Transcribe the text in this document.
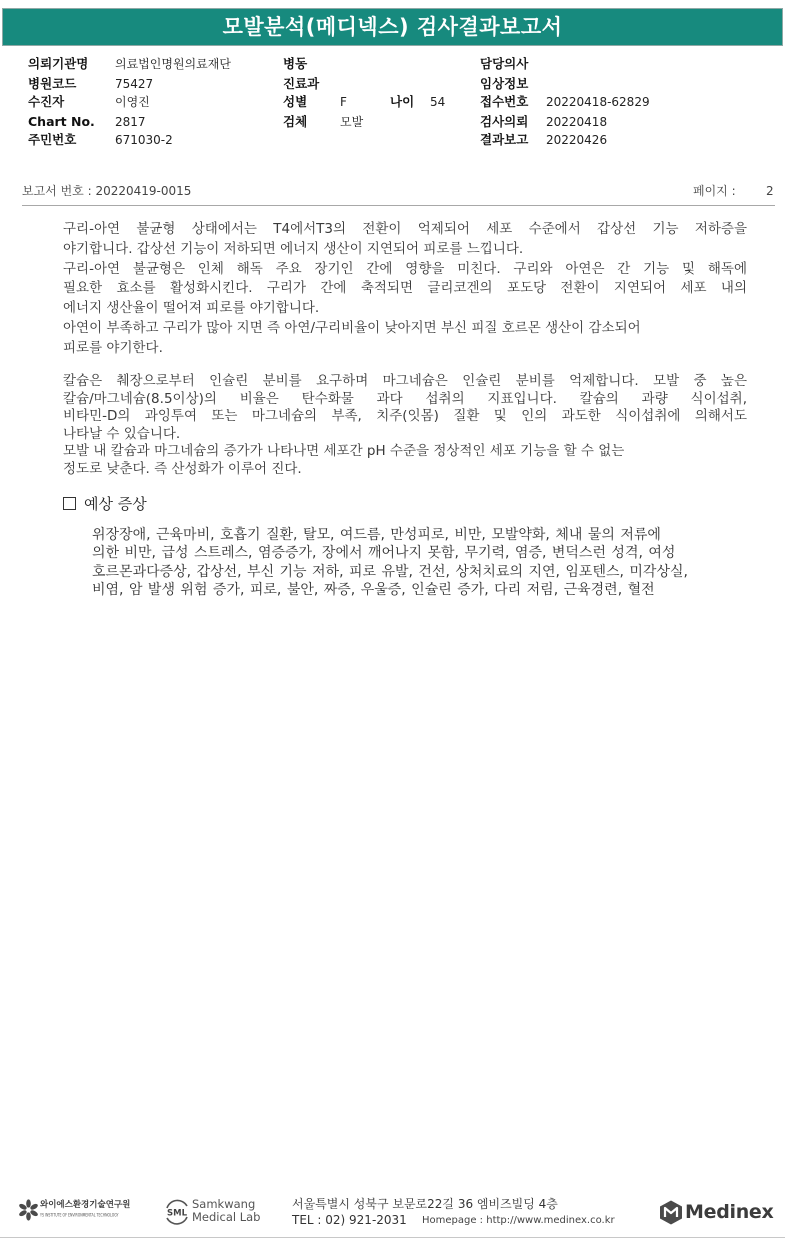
모발분석(메디넥스) 검사결과보고서
의뢰기관명 의료법인명원의료재단	병동	담당의사
병원코드	75427	진료과	임상정보
수진자	이영진	성별	F	나이 54	접수번호 20220418-62829
Chart No. 2817	검체	모발	검사의뢰 20220418
주민번호	671030-2	결과보고 20220426
보고서 번호 : 20220419-0015	페이지 :	2
구리-아연 불균형 상태에서는 T4에서T3의 전환이 억제되어 세포 수준에서 갑상선 기능 저하증을
야기합니다. 갑상선 기능이 저하되면 에너지 생산이 지연되어 피로를 느낍니다.
구리-아연 불균형은 인체 해독 주요 장기인 간에 영향을 미친다. 구리와 아연은 간 기능 및 해독에
필요한 효소를 활성화시킨다. 구리가 간에 축적되면 글리코겐의 포도당 전환이 지연되어 세포 내의
에너지 생산율이 떨어져 피로를 야기합니다.
아연이 부족하고 구리가 많아 지면 즉 아연/구리비율이 낮아지면 부신 피질 호르몬 생산이 감소되어
피로를 야기한다.
칼슘은 췌장으로부터 인슐린 분비를 요구하며 마그네슘은 인슐린 분비를 억제합니다. 모발 중 높은
칼슘/마그네슘(8.5이상)의 비율은 탄수화물 과다 섭취의 지표입니다. 칼슘의 과량 식이섭취,
비타민-D의 과잉투여 또는 마그네슘의 부족, 치주(잇몸) 질환 및 인의 과도한 식이섭취에 의해서도
나타날 수 있습니다.
모발 내 칼슘과 마그네슘의 증가가 나타나면 세포간 pH 수준을 정상적인 세포 기능을 할 수 없는
정도로 낮춘다. 즉 산성화가 이루어 진다.
예상 증상
위장장애, 근육마비, 호흡기 질환, 탈모, 여드름, 만성피로, 비만, 모발약화, 체내 물의 저류에
의한 비만, 급성 스트레스, 염증증가, 장에서 깨어나지 못함, 무기력, 염증, 변덕스런 성격, 여성
호르몬과다증상, 갑상선, 부신 기능 저하, 피로 유발, 건선, 상처치료의 지연, 임포텐스, 미각상실,
비염, 암 발생 위험 증가, 피로, 불안, 짜증, 우울증, 인슐린 증가, 다리 저림, 근육경련, 혈전
와이에스환경기술연구원
YS INSTITUTE OF ENVIRONMENTAL TECHNOLOGY	SML
Samkwang
Medical Lab
서울특별시 성북구 보문로22길 36 엠비즈빌딩 4층
TEL : 02) 921-2031 Homepage : http://www.medinex.co.kr	Medinex
